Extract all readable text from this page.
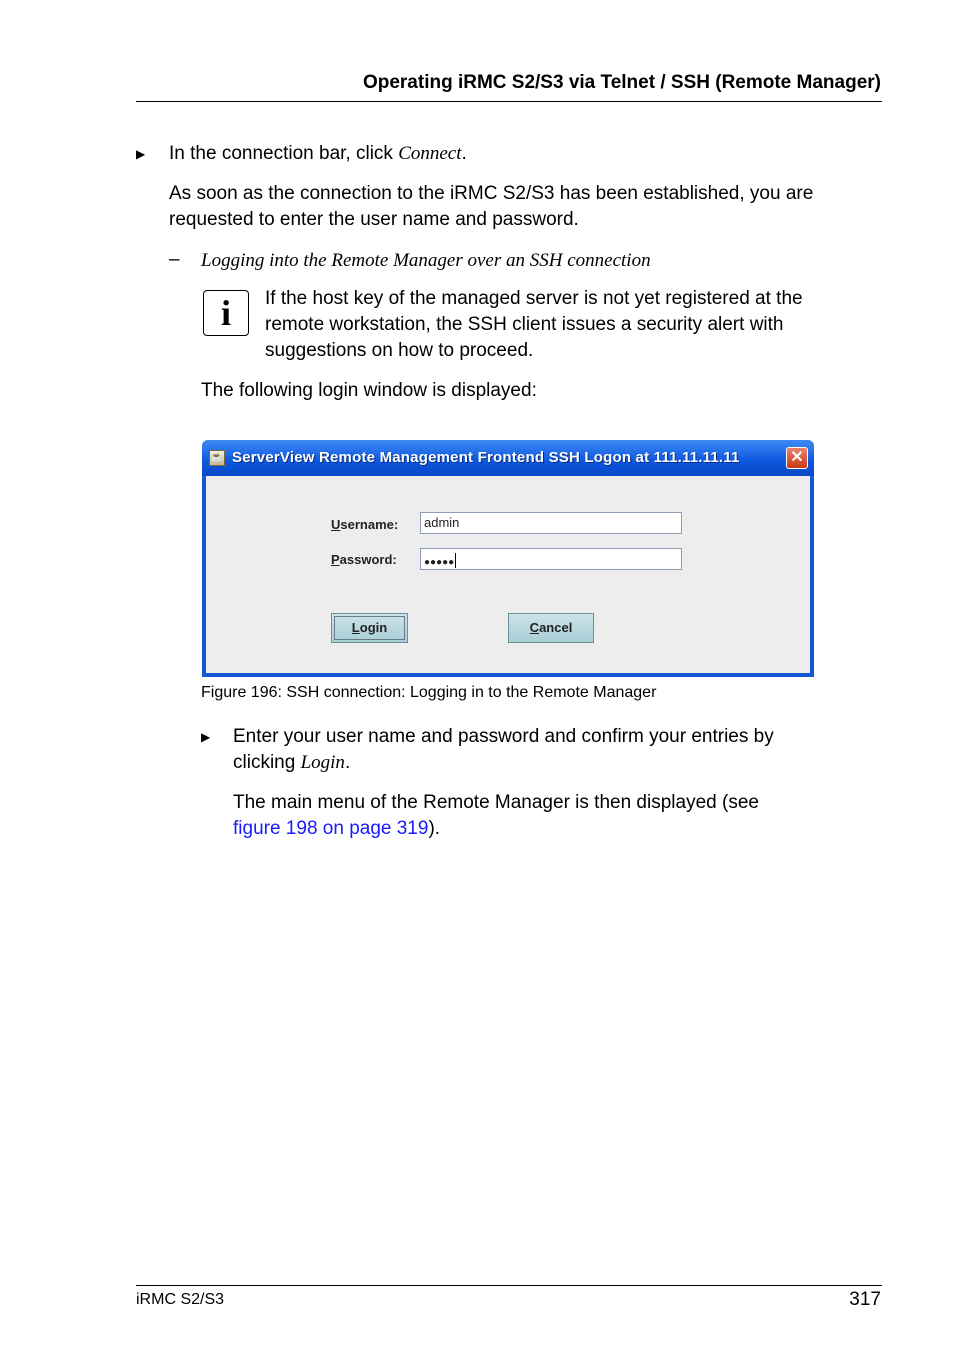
Operating iRMC S2/S3 via Telnet / SSH (Remote Manager)
▶ In the connection bar, click Connect.
As soon as the connection to the iRMC S2/S3 has been established, you are
requested to enter the user name and password.
– Logging into the Remote Manager over an SSH connection
i	If the host key of the managed server is not yet registered at the
remote workstation, the SSH client issues a security alert with
suggestions on how to proceed.
The following login window is displayed:
☕ ServerView Remote Management Frontend SSH Logon at 111.11.11.11	✕
Username:	admin
Password:	●●●●●
Login	Cancel
Figure 196: SSH connection: Logging in to the Remote Manager
▶ Enter your user name and password and confirm your entries by
clicking Login.
The main menu of the Remote Manager is then displayed (see
figure 198 on page 319).
iRMC S2/S3	317
